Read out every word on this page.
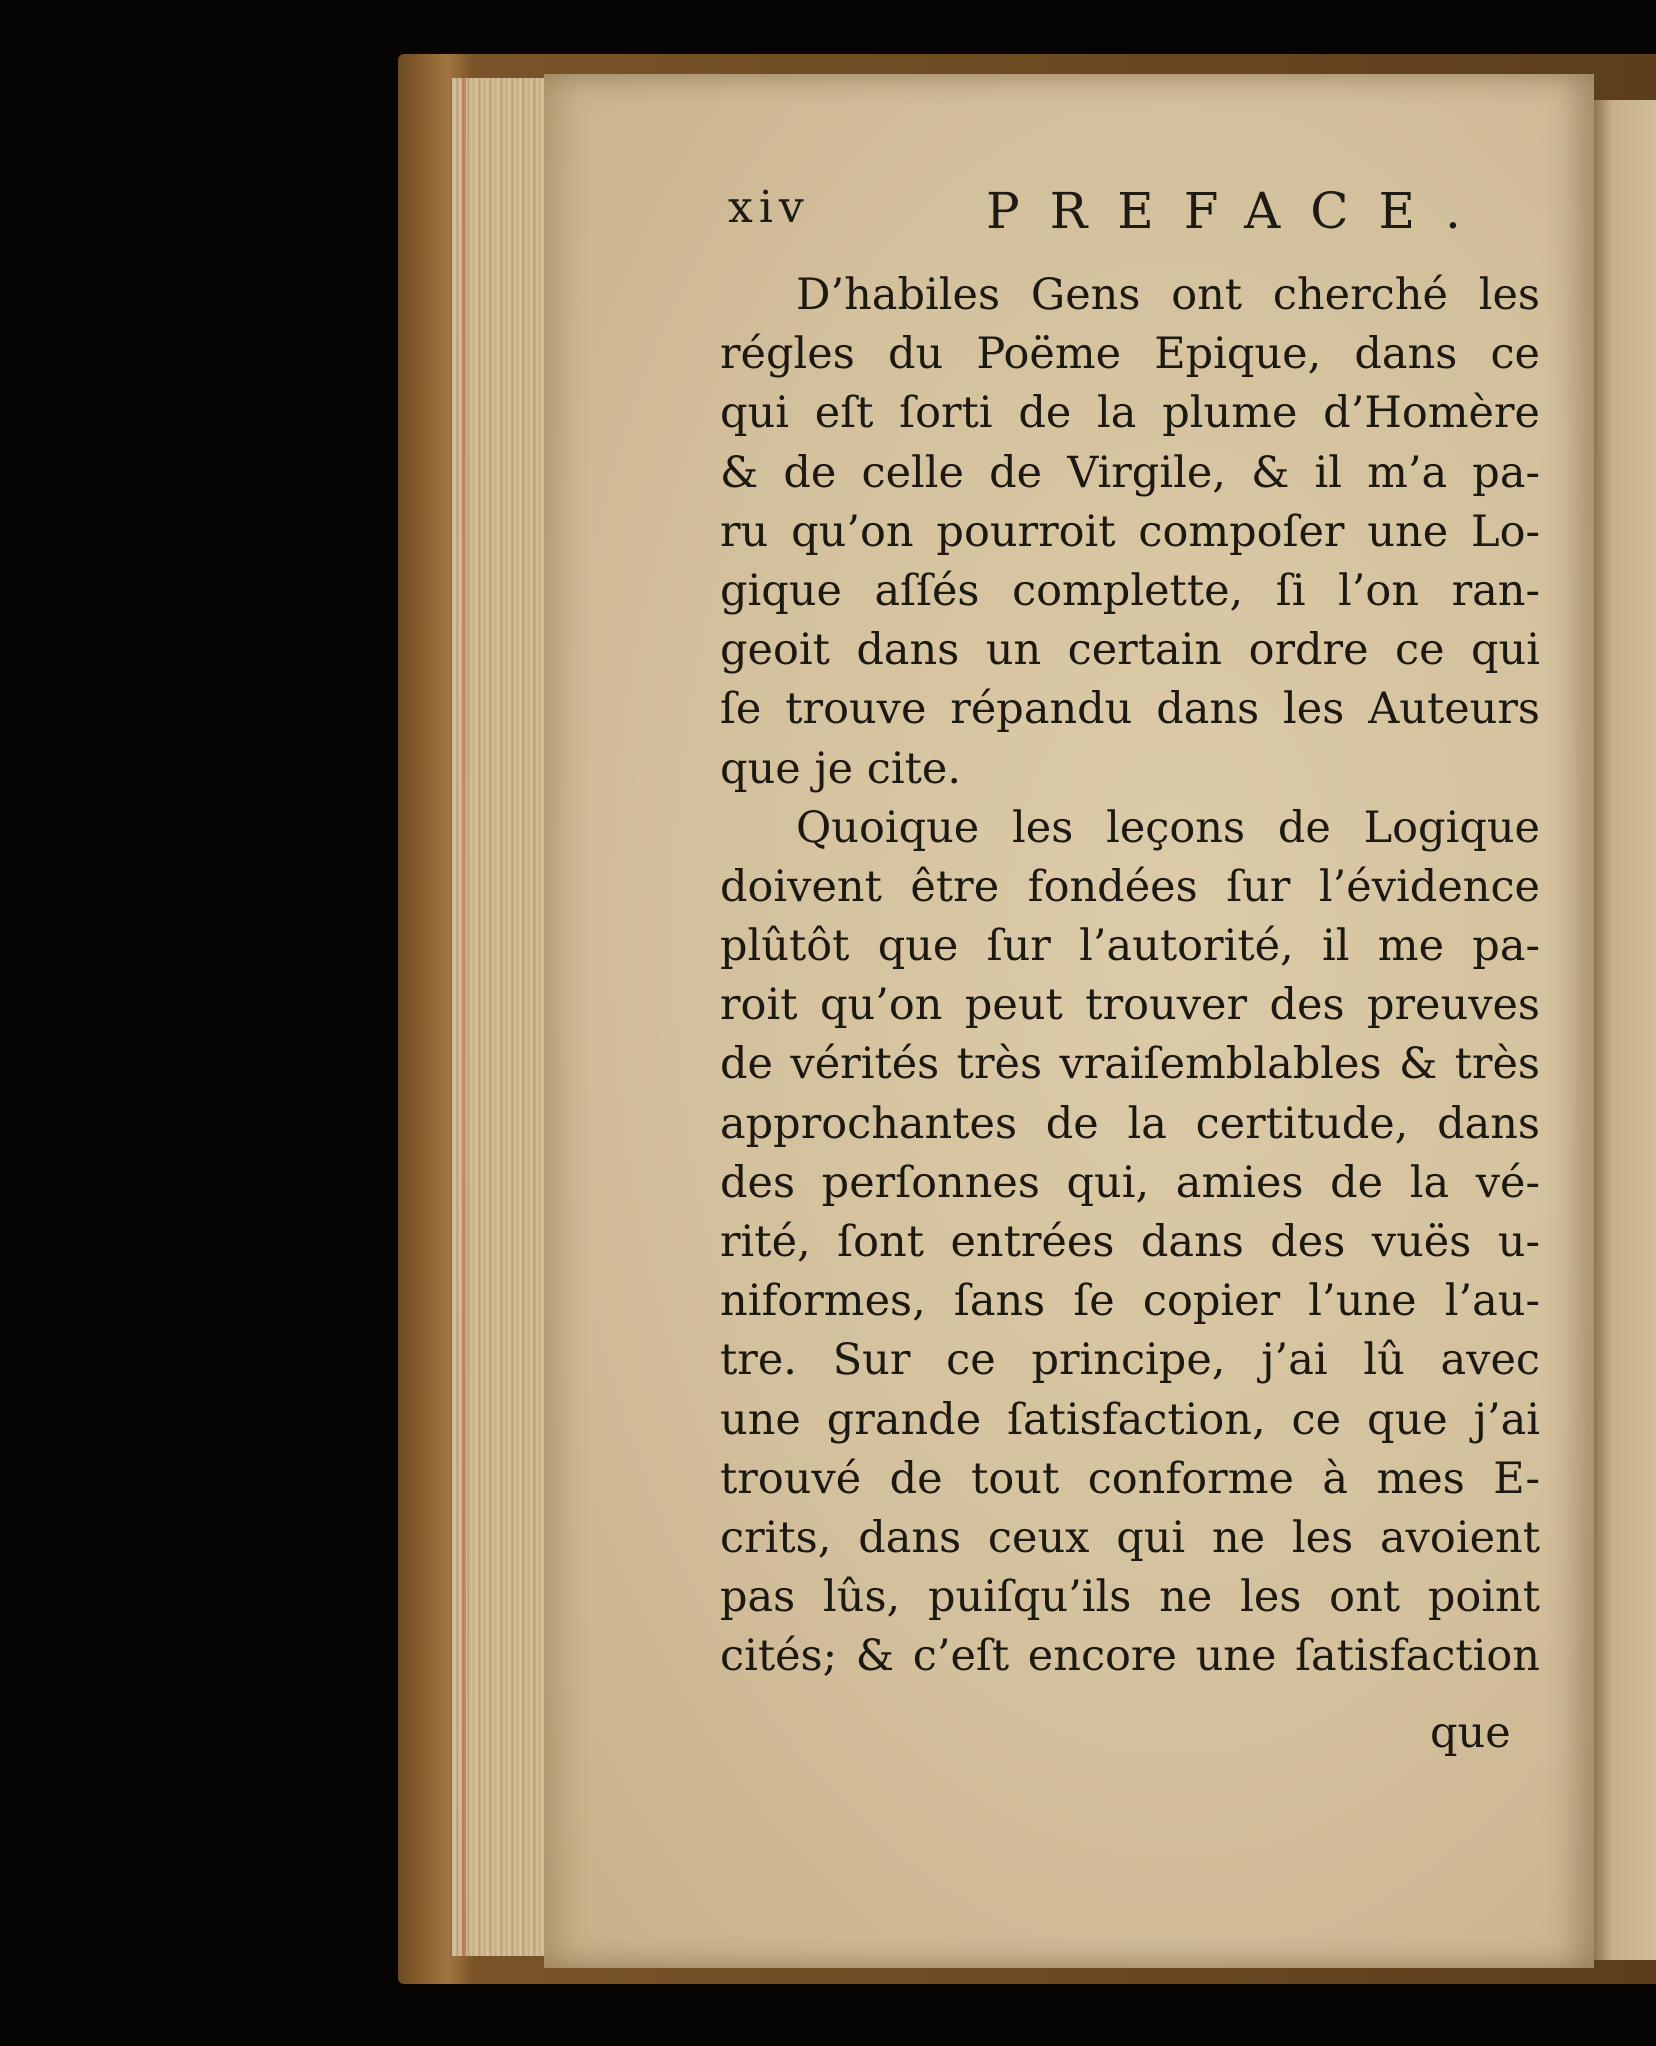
xiv	PREFACE.
D’habiles Gens ont cherché les
régles du Poëme Epique, dans ce
qui eſt ſorti de la plume d’Homère
& de celle de Virgile, & il m’a pa-
ru qu’on pourroit compoſer une Lo-
gique aſſés complette, ſi l’on ran-
geoit dans un certain ordre ce qui
ſe trouve répandu dans les Auteurs
que je cite.
Quoique les leçons de Logique
doivent être fondées ſur l’évidence
plûtôt que ſur l’autorité, il me pa-
roit qu’on peut trouver des preuves
de vérités très vraiſemblables & très
approchantes de la certitude, dans
des perſonnes qui, amies de la vé-
rité, ſont entrées dans des vuës u-
niformes, ſans ſe copier l’une l’au-
tre. Sur ce principe, j’ai lû avec
une grande ſatisfaction, ce que j’ai
trouvé de tout conforme à mes E-
crits, dans ceux qui ne les avoient
pas lûs, puiſqu’ils ne les ont point
cités; & c’eſt encore une ſatisfaction
que
